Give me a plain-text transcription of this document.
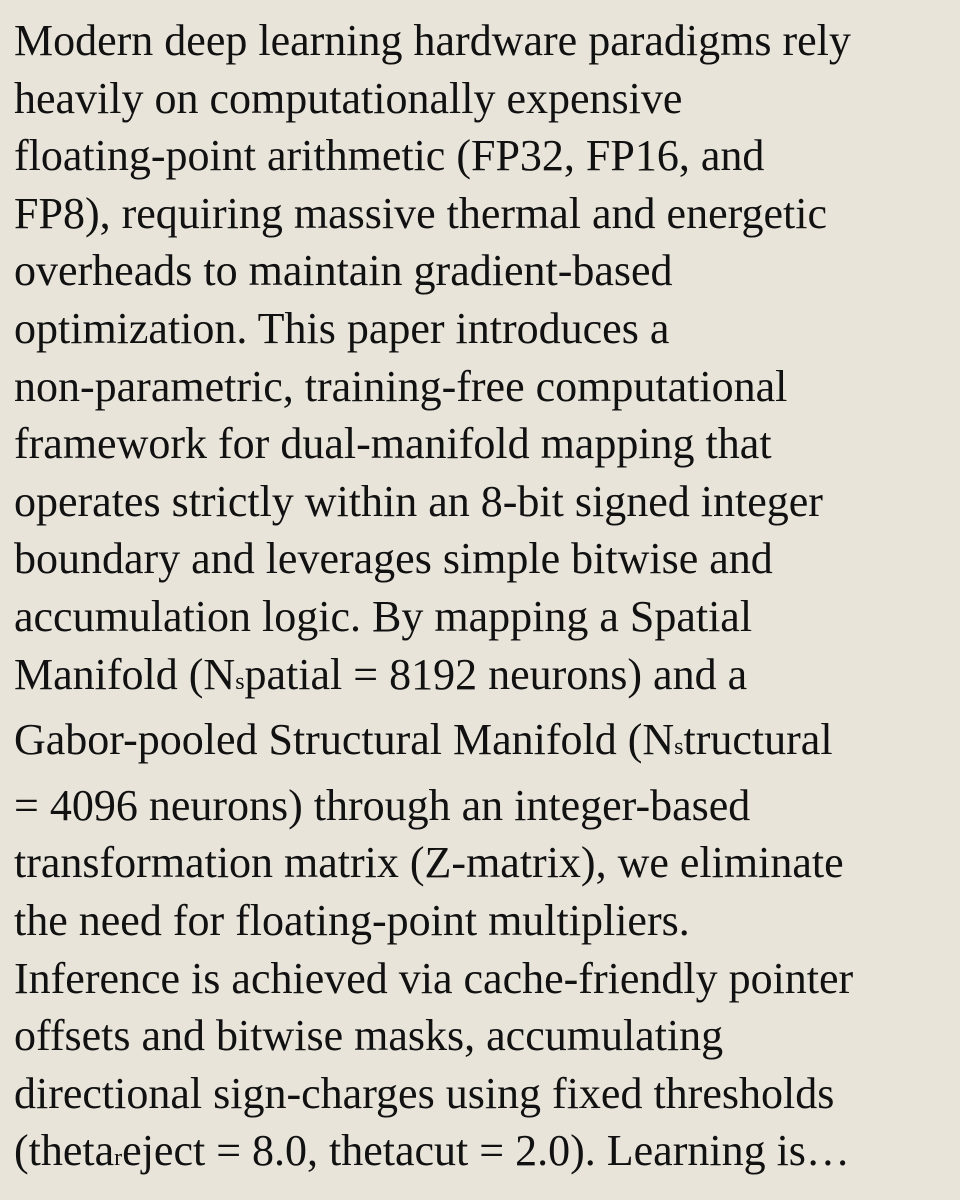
Modern deep learning hardware paradigms rely
heavily on computationally expensive
floating-point arithmetic (FP32, FP16, and
FP8), requiring massive thermal and energetic
overheads to maintain gradient-based
optimization. This paper introduces a
non-parametric, training-free computational
framework for dual-manifold mapping that
operates strictly within an 8-bit signed integer
boundary and leverages simple bitwise and
accumulation logic. By mapping a Spatial
Manifold (Nspatial = 8192 neurons) and a
Gabor-pooled Structural Manifold (Nstructural
= 4096 neurons) through an integer-based
transformation matrix (Z-matrix), we eliminate
the need for floating-point multipliers.
Inference is achieved via cache-friendly pointer
offsets and bitwise masks, accumulating
directional sign-charges using fixed thresholds
(thetareject = 8.0, thetacut = 2.0). Learning is…
